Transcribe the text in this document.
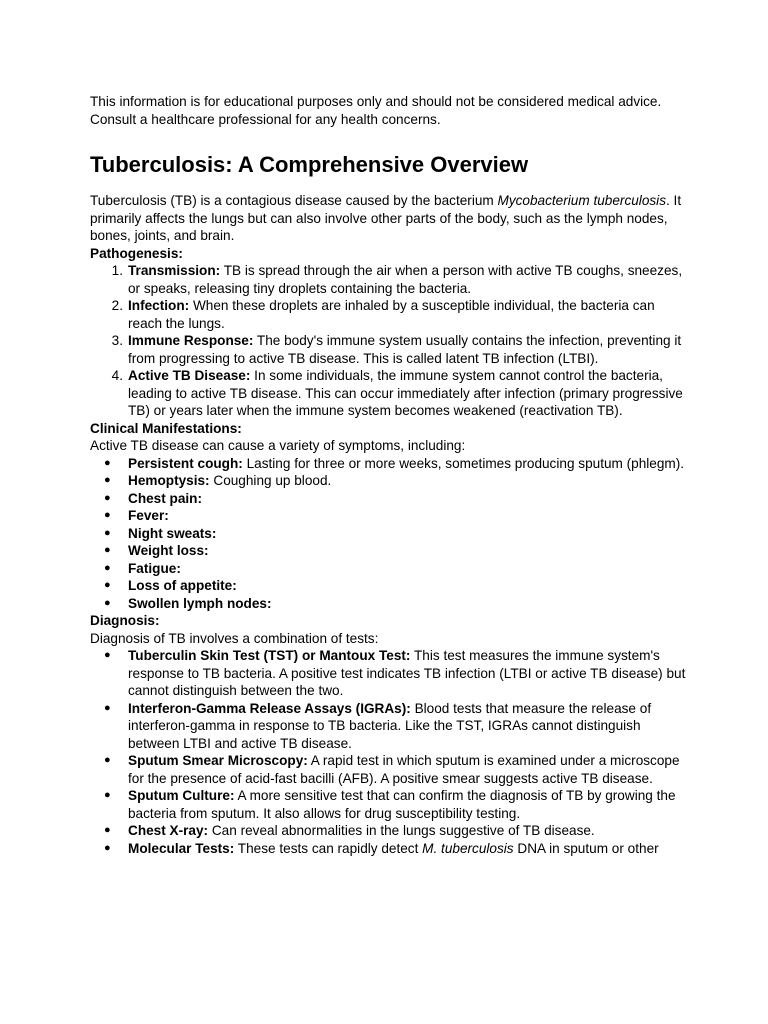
This information is for educational purposes only and should not be considered medical advice. Consult a healthcare professional for any health concerns.

Tuberculosis: A Comprehensive Overview

Tuberculosis (TB) is a contagious disease caused by the bacterium Mycobacterium tuberculosis. It primarily affects the lungs but can also involve other parts of the body, such as the lymph nodes, bones, joints, and brain.

Pathogenesis:

1. Transmission: TB is spread through the air when a person with active TB coughs, sneezes, or speaks, releasing tiny droplets containing the bacteria.
2. Infection: When these droplets are inhaled by a susceptible individual, the bacteria can reach the lungs.
3. Immune Response: The body's immune system usually contains the infection, preventing it from progressing to active TB disease. This is called latent TB infection (LTBI).
4. Active TB Disease: In some individuals, the immune system cannot control the bacteria, leading to active TB disease. This can occur immediately after infection (primary progressive TB) or years later when the immune system becomes weakened (reactivation TB).

Clinical Manifestations:

Active TB disease can cause a variety of symptoms, including:

● Persistent cough: Lasting for three or more weeks, sometimes producing sputum (phlegm).
● Hemoptysis: Coughing up blood.
● Chest pain:
● Fever:
● Night sweats:
● Weight loss:
● Fatigue:
● Loss of appetite:
● Swollen lymph nodes:

Diagnosis:

Diagnosis of TB involves a combination of tests:

● Tuberculin Skin Test (TST) or Mantoux Test: This test measures the immune system's response to TB bacteria. A positive test indicates TB infection (LTBI or active TB disease) but cannot distinguish between the two.
● Interferon-Gamma Release Assays (IGRAs): Blood tests that measure the release of interferon-gamma in response to TB bacteria. Like the TST, IGRAs cannot distinguish between LTBI and active TB disease.
● Sputum Smear Microscopy: A rapid test in which sputum is examined under a microscope for the presence of acid-fast bacilli (AFB). A positive smear suggests active TB disease.
● Sputum Culture: A more sensitive test that can confirm the diagnosis of TB by growing the bacteria from sputum. It also allows for drug susceptibility testing.
● Chest X-ray: Can reveal abnormalities in the lungs suggestive of TB disease.
● Molecular Tests: These tests can rapidly detect M. tuberculosis DNA in sputum or other
